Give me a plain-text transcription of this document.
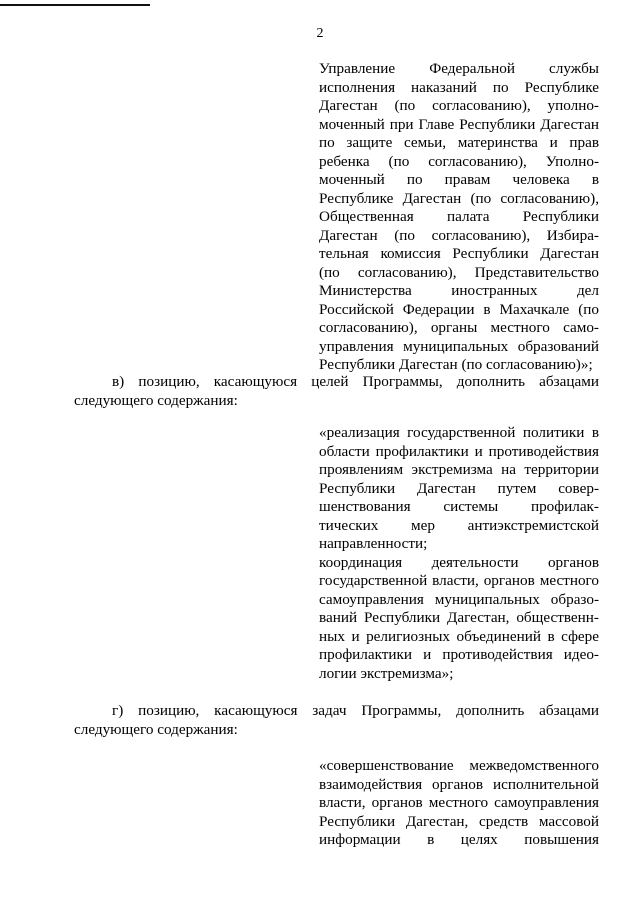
2
Управление Федеральной службы
исполнения наказаний по Республике
Дагестан (по согласованию), уполно-
моченный при Главе Республики Дагестан
по защите семьи, материнства и прав
ребенка (по согласованию), Уполно-
моченный по правам человека в
Республике Дагестан (по согласованию),
Общественная палата Республики
Дагестан (по согласованию), Избира-
тельная комиссия Республики Дагестан
(по согласованию), Представительство
Министерства иностранных дел
Российской Федерации в Махачкале (по
согласованию), органы местного само-
управления муниципальных образований
Республики Дагестан (по согласованию)»;
в) позицию, касающуюся целей Программы, дополнить абзацами
следующего содержания:
«реализация государственной политики в
области профилактики и противодействия
проявлениям экстремизма на территории
Республики Дагестан путем совер-
шенствования системы профилак-
тических мер антиэкстремистской
направленности;
координация деятельности органов
государственной власти, органов местного
самоуправления муниципальных образо-
ваний Республики Дагестан, общественн-
ных и религиозных объединений в сфере
профилактики и противодействия идео-
логии экстремизма»;
г) позицию, касающуюся задач Программы, дополнить абзацами
следующего содержания:
«совершенствование межведомственного
взаимодействия органов исполнительной
власти, органов местного самоуправления
Республики Дагестан, средств массовой
информации в целях повышения
